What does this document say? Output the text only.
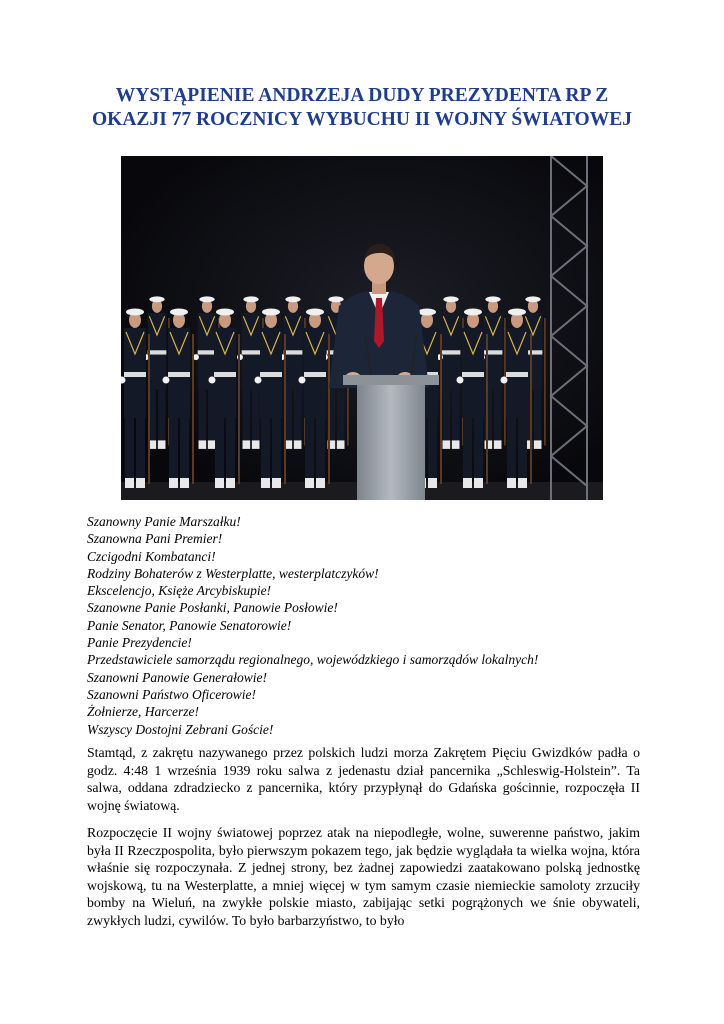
WYSTĄPIENIE ANDRZEJA DUDY PREZYDENTA RP Z
OKAZJI 77 ROCZNICY WYBUCHU II WOJNY ŚWIATOWEJ
Szanowny Panie Marszałku!
Szanowna Pani Premier!
Czcigodni Kombatanci!
Rodziny Bohaterów z Westerplatte, westerplatczyków!
Ekscelencjo, Księże Arcybiskupie!
Szanowne Panie Posłanki, Panowie Posłowie!
Panie Senator, Panowie Senatorowie!
Panie Prezydencie!
Przedstawiciele samorządu regionalnego, wojewódzkiego i samorządów lokalnych!
Szanowni Panowie Generałowie!
Szanowni Państwo Oficerowie!
Żołnierze, Harcerze!
Wszyscy Dostojni Zebrani Goście!

Stamtąd, z zakrętu nazywanego przez polskich ludzi morza Zakrętem Pięciu Gwizdków padła o godz. 4:48 1 września 1939 roku salwa z jedenastu dział pancernika „Schleswig-Holstein”. Ta salwa, oddana zdradziecko z pancernika, który przypłynął do Gdańska gościnnie, rozpoczęła II wojnę światową.

Rozpoczęcie II wojny światowej poprzez atak na niepodległe, wolne, suwerenne państwo, jakim była II Rzeczpospolita, było pierwszym pokazem tego, jak będzie wyglądała ta wielka wojna, która właśnie się rozpoczynała. Z jednej strony, bez żadnej zapowiedzi zaatakowano polską jednostkę wojskową, tu na Westerplatte, a mniej więcej w tym samym czasie niemieckie samoloty zrzuciły bomby na Wieluń, na zwykłe polskie miasto, zabijając setki pogrążonych we śnie obywateli, zwykłych ludzi, cywilów. To było barbarzyństwo, to było
